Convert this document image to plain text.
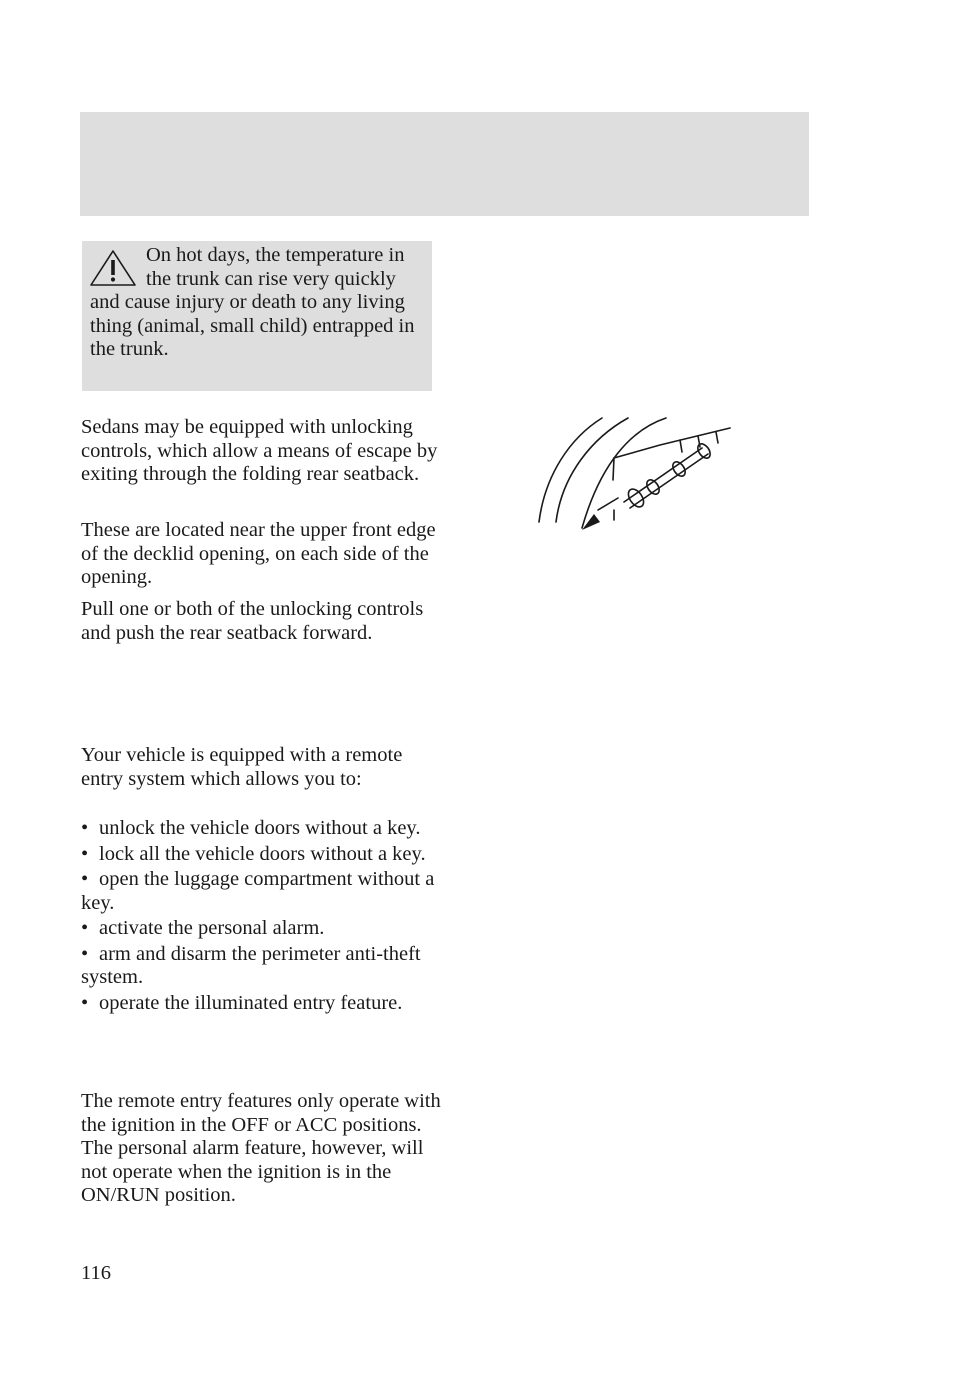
On hot days, the temperature in the trunk can rise very quickly and cause injury or death to any living thing (animal, small child) entrapped in the trunk.

Sedans may be equipped with unlocking controls, which allow a means of escape by exiting through the folding rear seatback.

These are located near the upper front edge of the decklid opening, on each side of the opening.

Pull one or both of the unlocking controls and push the rear seatback forward.

Your vehicle is equipped with a remote entry system which allows you to:

• unlock the vehicle doors without a key.

• lock all the vehicle doors without a key.

• open the luggage compartment without a key.

• activate the personal alarm.

• arm and disarm the perimeter anti-theft system.

• operate the illuminated entry feature.

The remote entry features only operate with the ignition in the OFF or ACC positions. The personal alarm feature, however, will not operate when the ignition is in the ON/RUN position.

116
